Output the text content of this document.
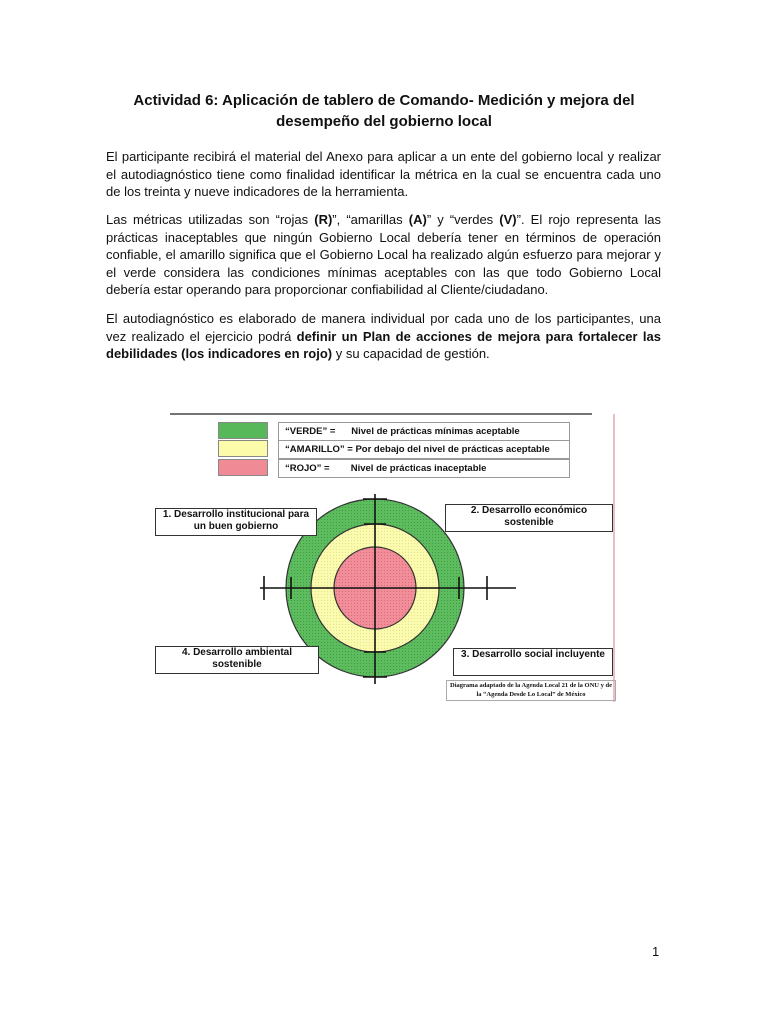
Actividad 6: Aplicación de tablero de Comando- Medición y mejora del desempeño del gobierno local
El participante recibirá el material del Anexo para aplicar a un ente del gobierno local y realizar el autodiagnóstico tiene como finalidad identificar la métrica en la cual se encuentra cada uno de los treinta y nueve indicadores de la herramienta.
Las métricas utilizadas son “rojas (R)”, “amarillas (A)” y “verdes (V)”. El rojo representa las prácticas inaceptables que ningún Gobierno Local debería tener en términos de operación confiable, el amarillo significa que el Gobierno Local ha realizado algún esfuerzo para mejorar y el verde considera las condiciones mínimas aceptables con las que todo Gobierno Local debería estar operando para proporcionar confiabilidad al Cliente/ciudadano.
El autodiagnóstico es elaborado de manera individual por cada uno de los participantes, una vez realizado el ejercicio podrá definir un Plan de acciones de mejora para fortalecer las debilidades (los indicadores en rojo) y su capacidad de gestión.
“VERDE” =      Nivel de prácticas mínimas aceptable
“AMARILLO” = Por debajo del nivel de prácticas aceptable
“ROJO” =        Nivel de prácticas inaceptable
1. Desarrollo institucional para un buen gobierno
2. Desarrollo económico sostenible
3. Desarrollo social incluyente
4. Desarrollo ambiental sostenible
Diagrama adaptado de la Agenda Local 21 de la ONU y de la “Agenda Desde Lo Local” de México
1
